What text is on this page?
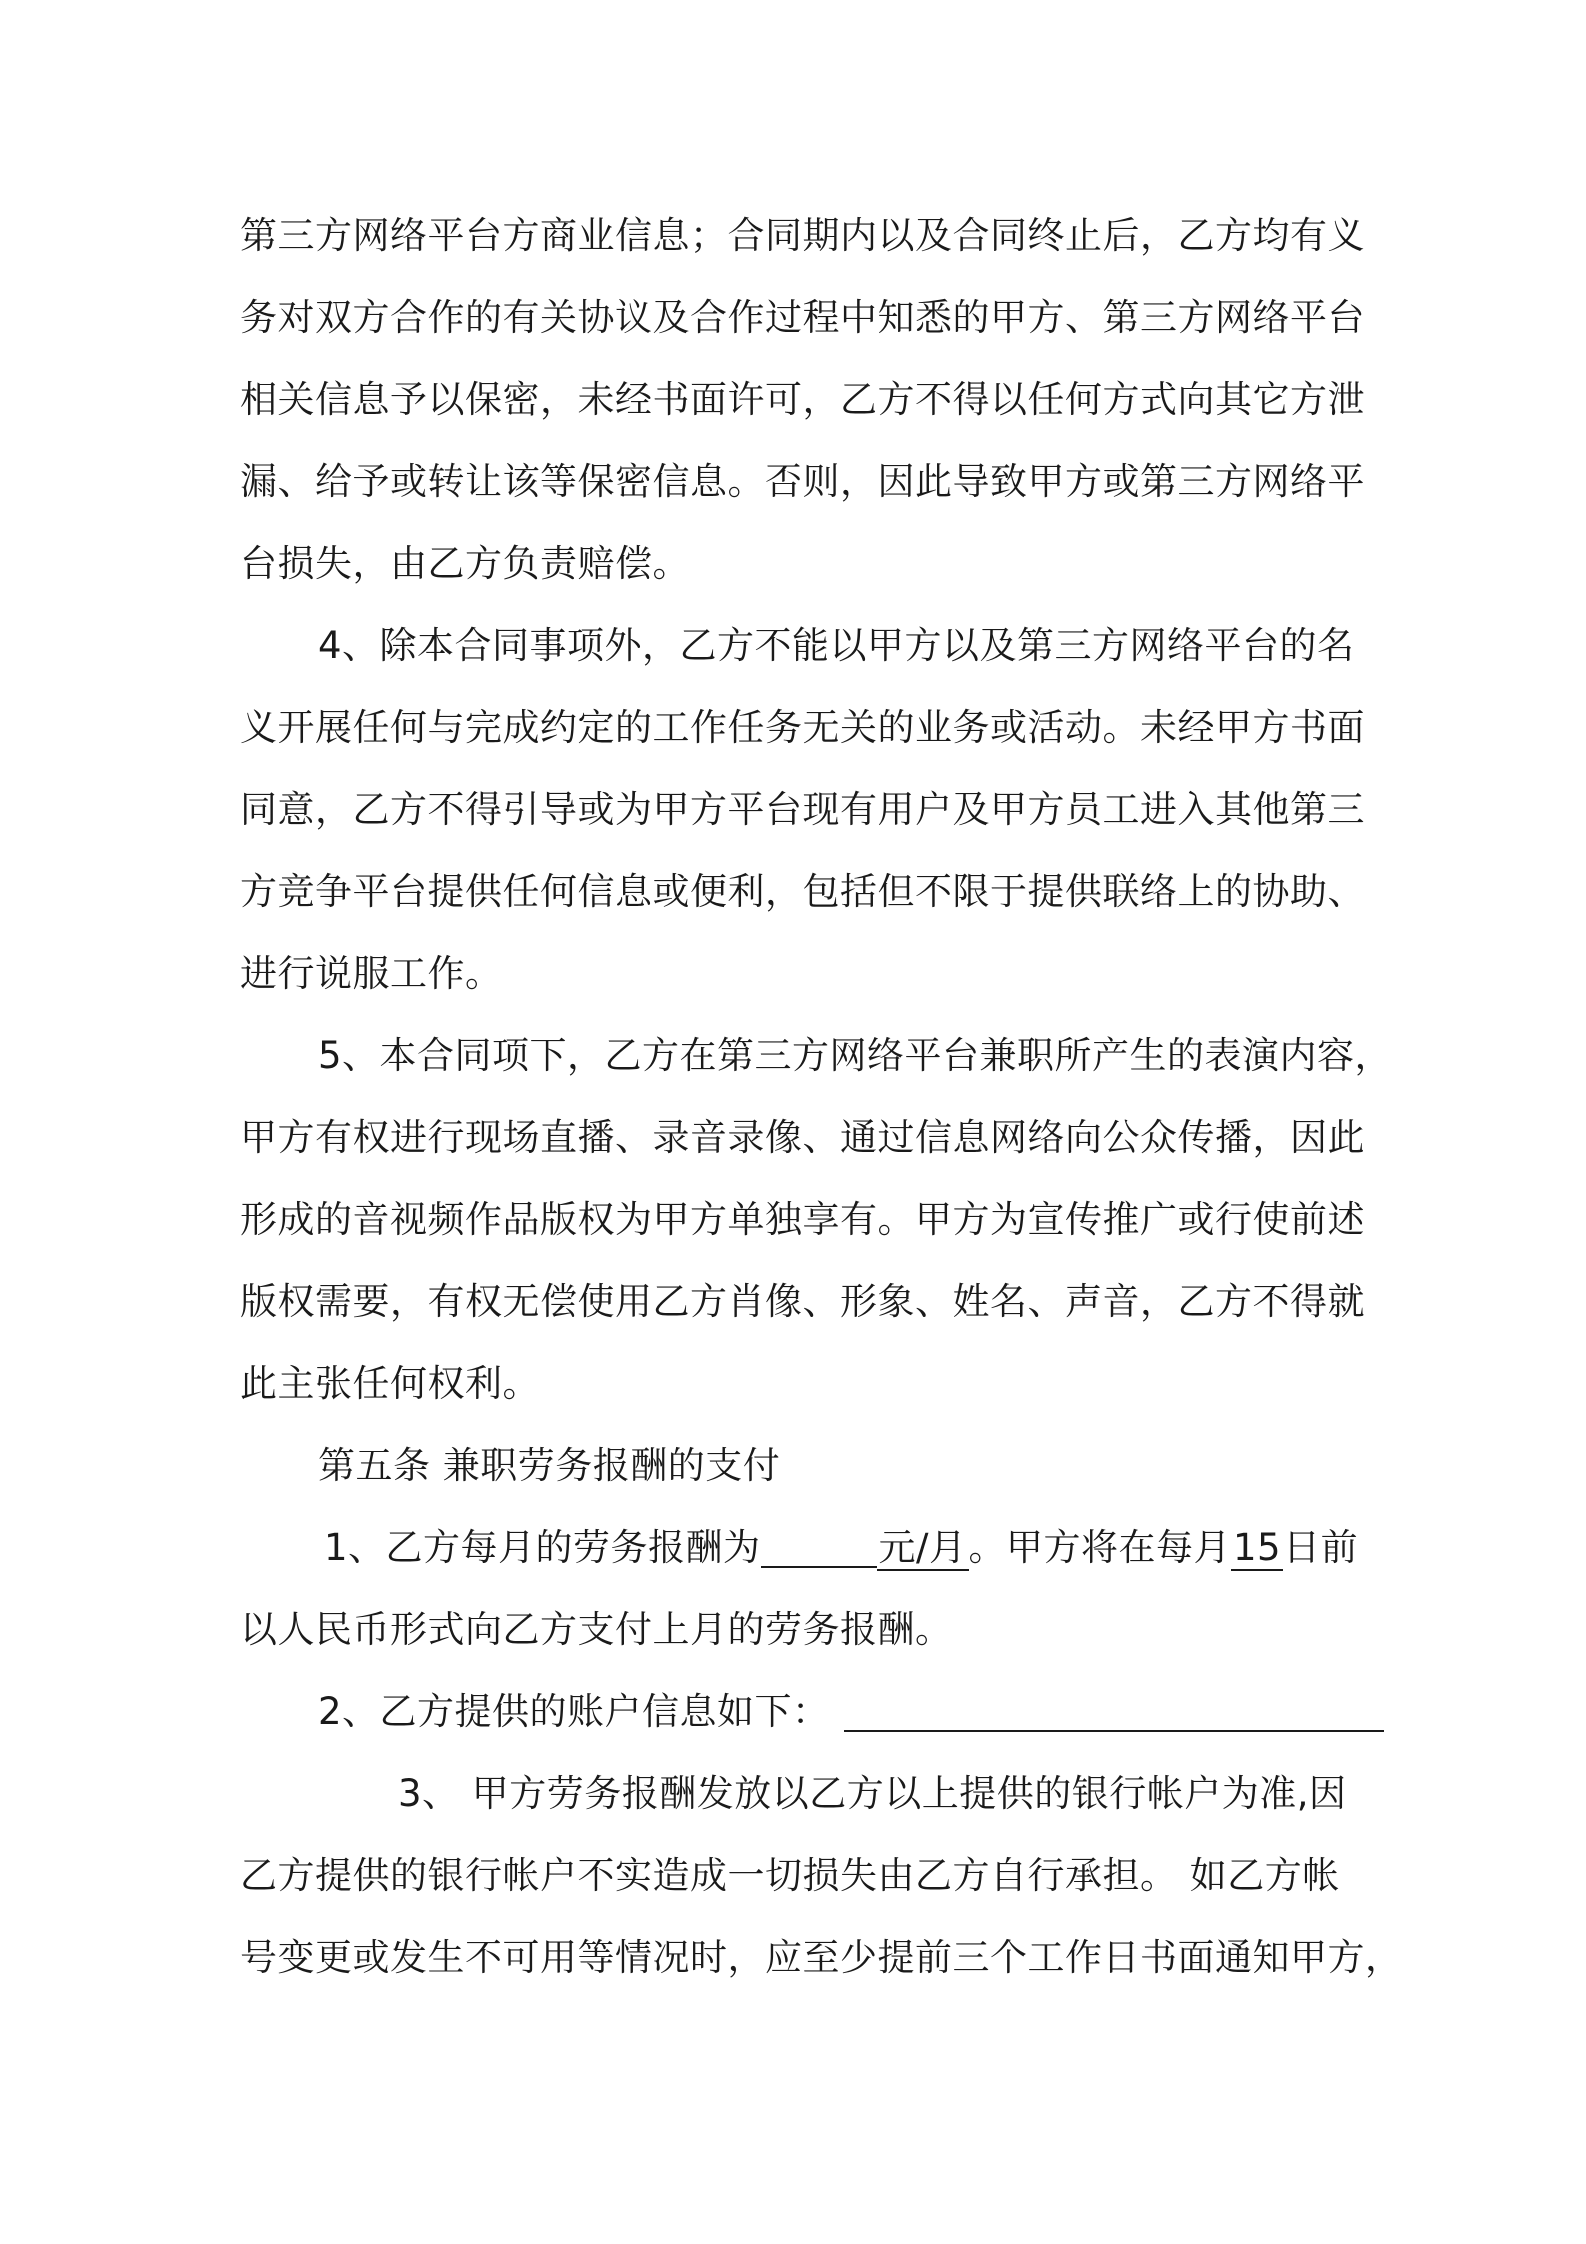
第三方网络平台方商业信息；合同期内以及合同终止后，乙方均有义
务对双方合作的有关协议及合作过程中知悉的甲方、第三方网络平台
相关信息予以保密，未经书面许可，乙方不得以任何方式向其它方泄
漏、给予或转让该等保密信息。否则，因此导致甲方或第三方网络平
台损失，由乙方负责赔偿。
4、除本合同事项外，乙方不能以甲方以及第三方网络平台的名
义开展任何与完成约定的工作任务无关的业务或活动。未经甲方书面
同意，乙方不得引导或为甲方平台现有用户及甲方员工进入其他第三
方竞争平台提供任何信息或便利，包括但不限于提供联络上的协助、
进行说服工作。
5、本合同项下，乙方在第三方网络平台兼职所产生的表演内容，
甲方有权进行现场直播、录音录像、通过信息网络向公众传播，因此
形成的音视频作品版权为甲方单独享有。甲方为宣传推广或行使前述
版权需要，有权无偿使用乙方肖像、形象、姓名、声音，乙方不得就
此主张任何权利。
第五条 兼职劳务报酬的支付
1、乙方每月的劳务报酬为	元/月。甲方将在每月15日前
以人民币形式向乙方支付上月的劳务报酬。
2、乙方提供的账户信息如下：
3、 甲方劳务报酬发放以乙方以上提供的银行帐户为准,因
乙方提供的银行帐户不实造成一切损失由乙方自行承担。 如乙方帐
号变更或发生不可用等情况时，应至少提前三个工作日书面通知甲方，
